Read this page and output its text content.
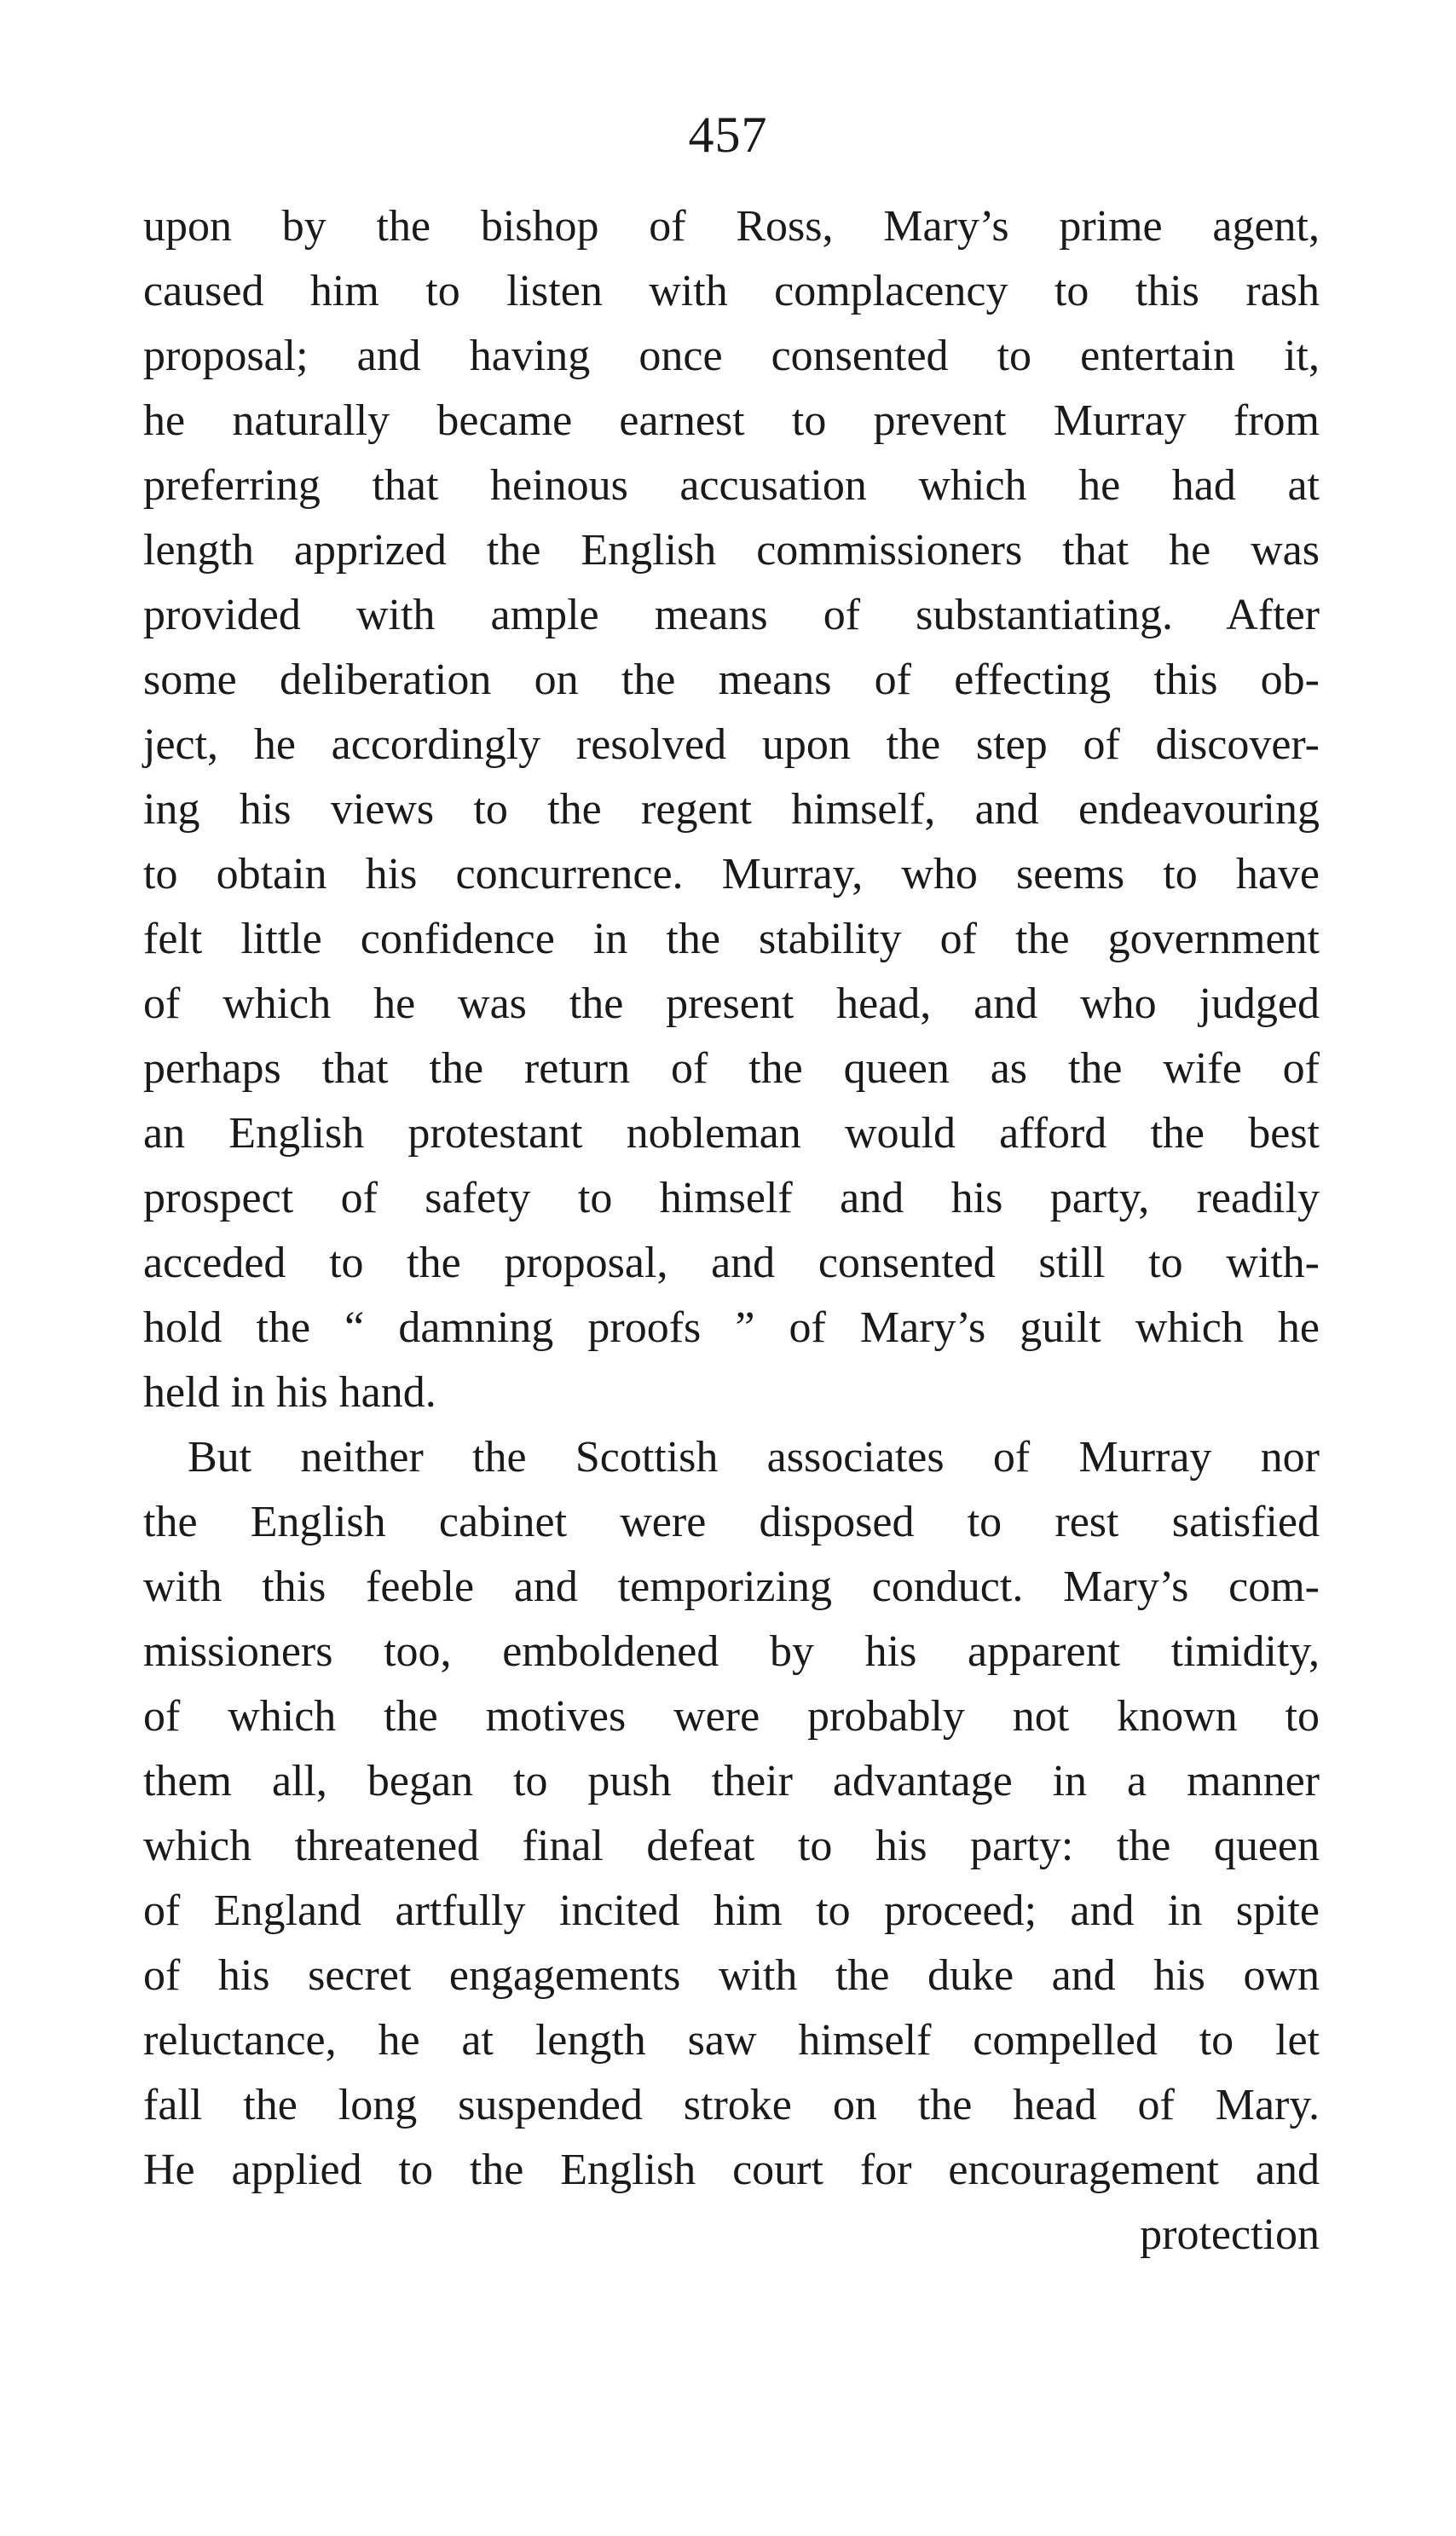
457
upon by the bishop of Ross, Mary’s prime agent,
caused him to listen with complacency to this rash
proposal; and having once consented to entertain it,
he naturally became earnest to prevent Murray from
preferring that heinous accusation which he had at
length apprized the English commissioners that he was
provided with ample means of substantiating. After
some deliberation on the means of effecting this ob-
ject, he accordingly resolved upon the step of discover-
ing his views to the regent himself, and endeavouring
to obtain his concurrence. Murray, who seems to have
felt little confidence in the stability of the government
of which he was the present head, and who judged
perhaps that the return of the queen as the wife of
an English protestant nobleman would afford the best
prospect of safety to himself and his party, readily
acceded to the proposal, and consented still to with-
hold the “ damning proofs ” of Mary’s guilt which he
held in his hand.
But neither the Scottish associates of Murray nor
the English cabinet were disposed to rest satisfied
with this feeble and temporizing conduct. Mary’s com-
missioners too, emboldened by his apparent timidity,
of which the motives were probably not known to
them all, began to push their advantage in a manner
which threatened final defeat to his party: the queen
of England artfully incited him to proceed; and in spite
of his secret engagements with the duke and his own
reluctance, he at length saw himself compelled to let
fall the long suspended stroke on the head of Mary.
He applied to the English court for encouragement and
protection
